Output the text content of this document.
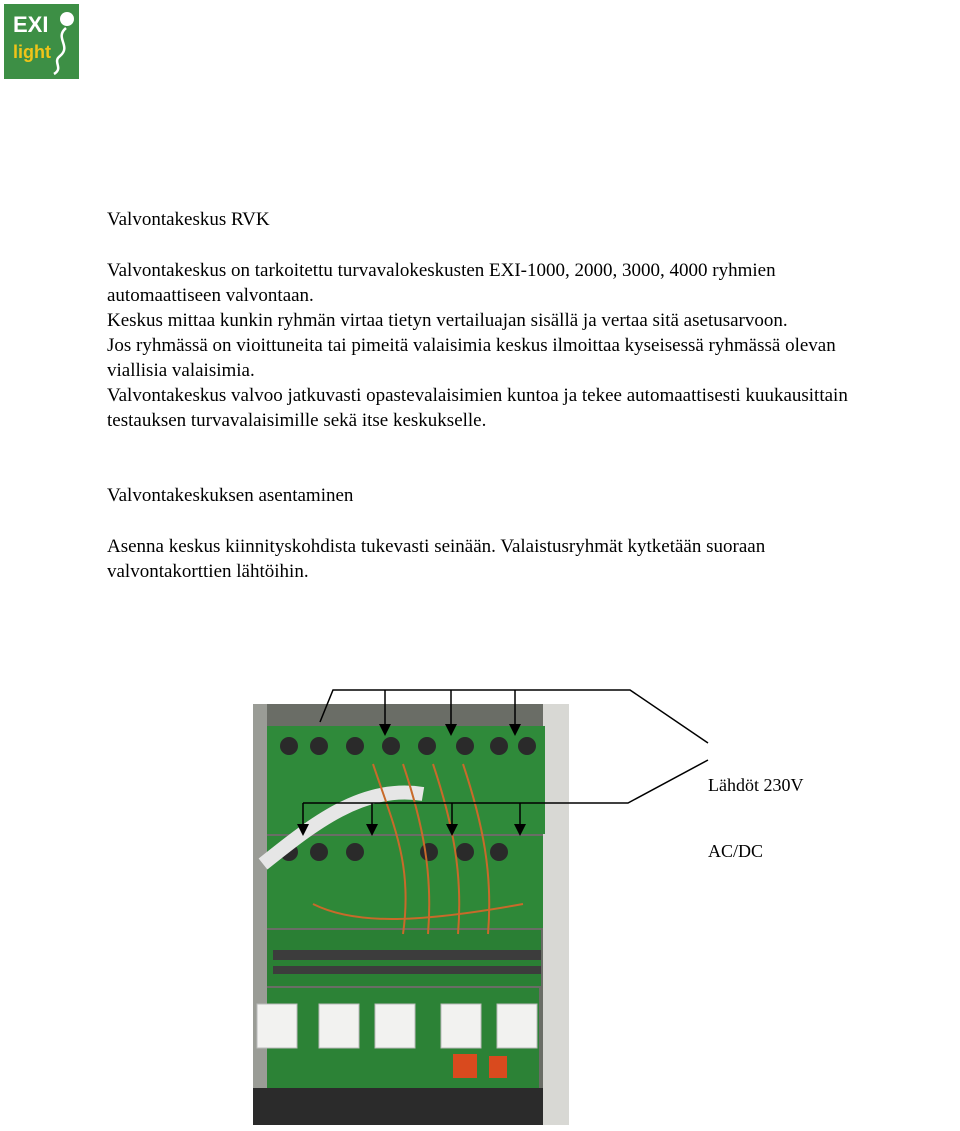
EXI
light
Valvontakeskus RVK
Valvontakeskus on tarkoitettu turvavalokeskusten EXI-1000, 2000, 3000, 4000 ryhmien
automaattiseen valvontaan.
Keskus mittaa kunkin ryhmän virtaa tietyn vertailuajan sisällä ja vertaa sitä asetusarvoon.
Jos ryhmässä on vioittuneita tai pimeitä valaisimia keskus ilmoittaa kyseisessä ryhmässä olevan
viallisia valaisimia.
Valvontakeskus valvoo jatkuvasti opastevalaisimien kuntoa ja tekee automaattisesti kuukausittain
testauksen turvavalaisimille sekä itse keskukselle.
Valvontakeskuksen asentaminen
Asenna keskus kiinnityskohdista tukevasti seinään. Valaistusryhmät kytketään suoraan
valvontakorttien lähtöihin.

Lähdöt 230V

AC/DC
